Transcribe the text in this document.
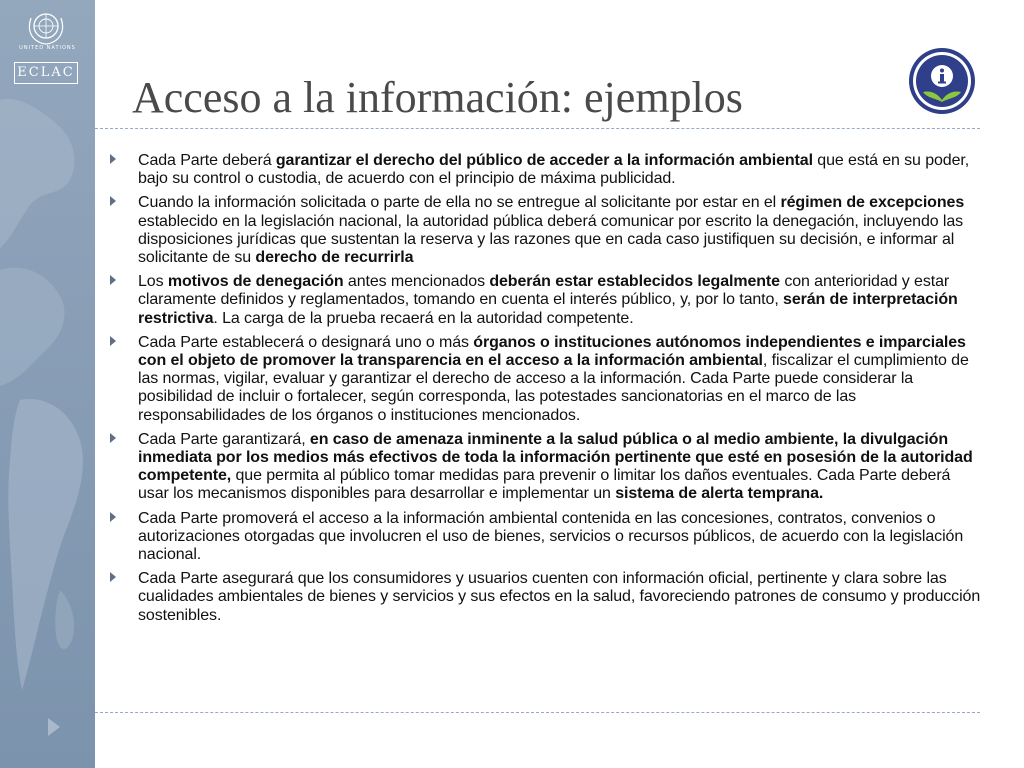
UNITED NATIONS
ECLAC
Acceso a la información: ejemplos
Cada Parte deberá garantizar el derecho del público de acceder a la información ambiental que está en su poder, bajo su control o custodia, de acuerdo con el principio de máxima publicidad.
Cuando la información solicitada o parte de ella no se entregue al solicitante por estar en el régimen de excepciones establecido en la legislación nacional, la autoridad pública deberá comunicar por escrito la denegación, incluyendo las disposiciones jurídicas que sustentan la reserva y las razones que en cada caso justifiquen su decisión, e informar al solicitante de su derecho de recurrirla
Los motivos de denegación antes mencionados deberán estar establecidos legalmente con anterioridad y estar claramente definidos y reglamentados, tomando en cuenta el interés público, y, por lo tanto, serán de interpretación restrictiva. La carga de la prueba recaerá en la autoridad competente.
Cada Parte establecerá o designará uno o más órganos o instituciones autónomos independientes e imparciales con el objeto de promover la transparencia en el acceso a la información ambiental, fiscalizar el cumplimiento de las normas, vigilar, evaluar y garantizar el derecho de acceso a la información. Cada Parte puede considerar la posibilidad de incluir o fortalecer, según corresponda, las potestades sancionatorias en el marco de las responsabilidades de los órganos o instituciones mencionados.
Cada Parte garantizará, en caso de amenaza inminente a la salud pública o al medio ambiente, la divulgación inmediata por los medios más efectivos de toda la información pertinente que esté en posesión de la autoridad competente, que permita al público tomar medidas para prevenir o limitar los daños eventuales. Cada Parte deberá usar los mecanismos disponibles para desarrollar e implementar un sistema de alerta temprana.
Cada Parte promoverá el acceso a la información ambiental contenida en las concesiones, contratos, convenios o autorizaciones otorgadas que involucren el uso de bienes, servicios o recursos públicos, de acuerdo con la legislación nacional.
Cada Parte asegurará que los consumidores y usuarios cuenten con información oficial, pertinente y clara sobre las cualidades ambientales de bienes y servicios y sus efectos en la salud, favoreciendo patrones de consumo y producción sostenibles.
